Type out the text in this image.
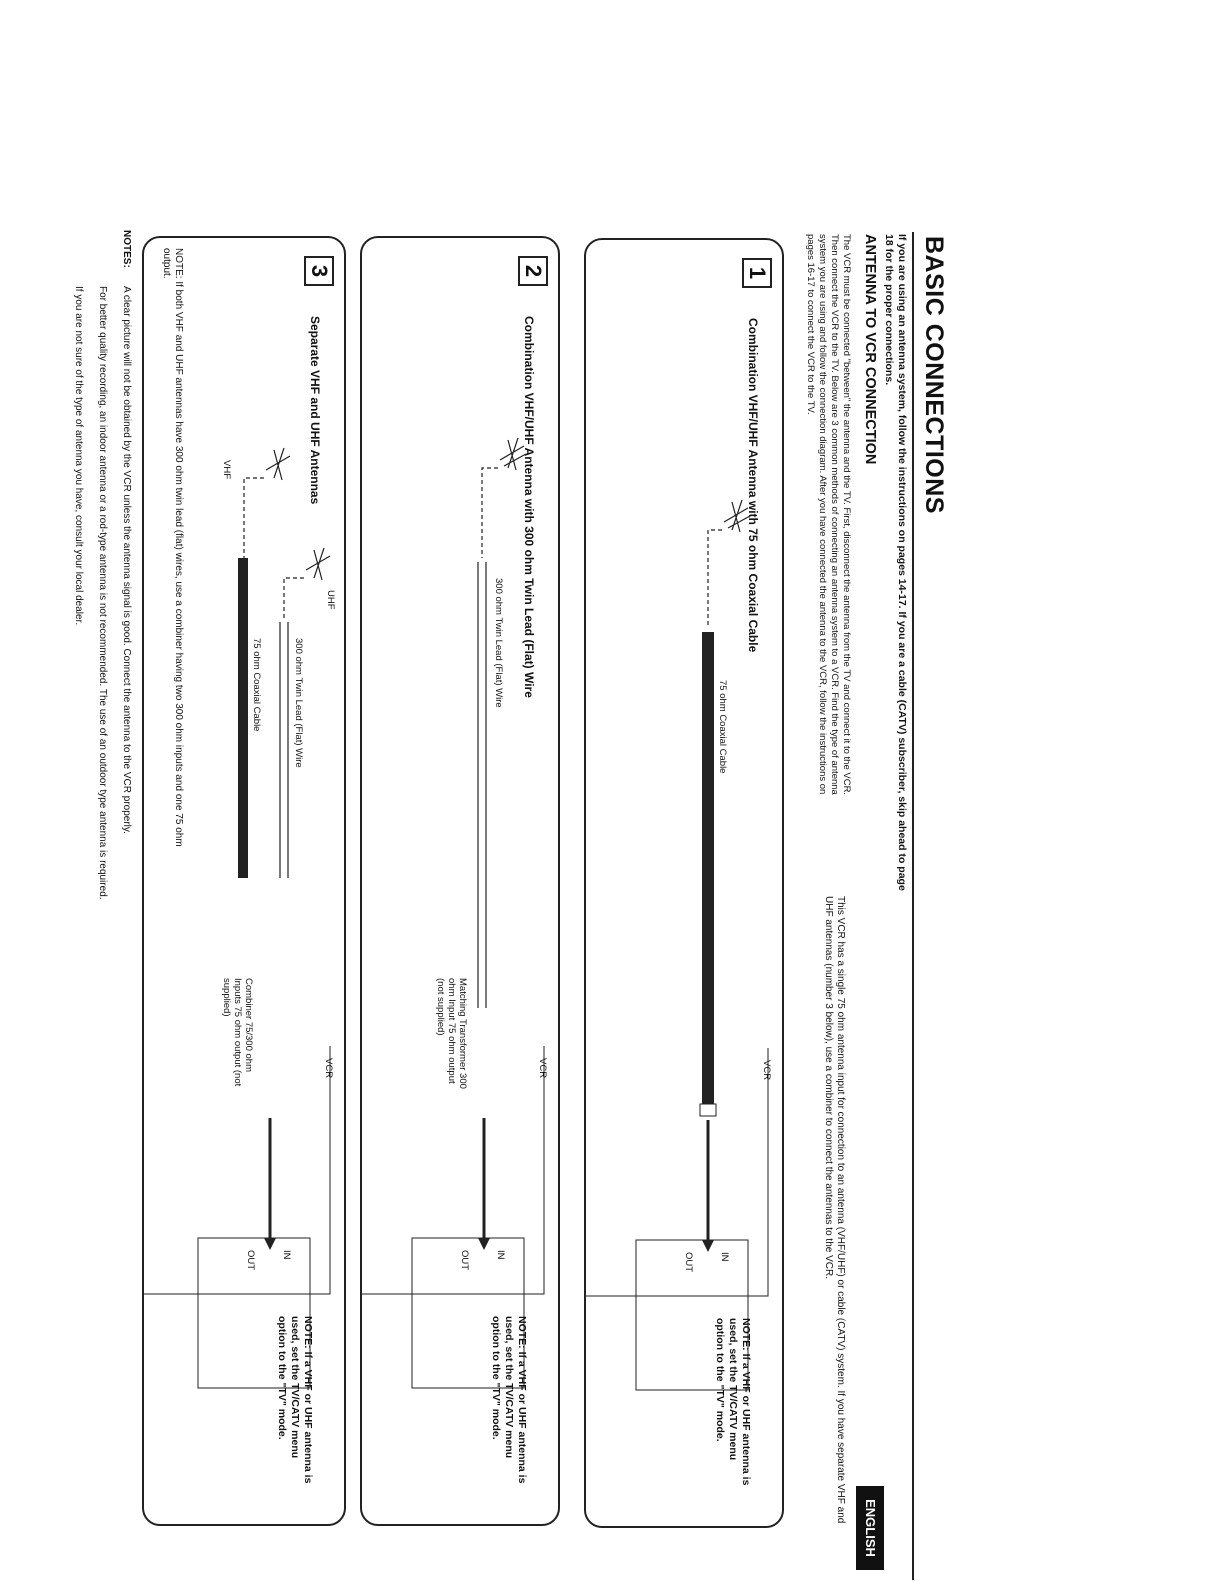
BASIC CONNECTIONS
If you are using an antenna system, follow the instructions on pages 14-17. If you are a cable (CATV) subscriber, skip ahead to page 18 for the proper connections.
ANTENNA TO VCR CONNECTION
The VCR must be connected "between" the antenna and the TV. First, disconnect the antenna from the TV and connect it to the VCR. Then connect the VCR to the TV. Below are 3 common methods of connecting an antenna system to a VCR. Find the type of antenna system you are using and follow the connection diagram. After you have connected the antenna to the VCR, follow the instructions on pages 16-17 to connect the VCR to the TV.
This VCR has a single 75 ohm antenna input for connection to an antenna (VHF/UHF) or cable (CATV) system. If you have separate VHF and UHF antennas (number 3 below), use a combiner to connect the antennas to the VCR.
1
Combination VHF/UHF Antenna with 75 ohm Coaxial Cable
75 ohm Coaxial Cable
VCR
IN
OUT
NOTE: If a VHF or UHF antenna is used, set the TV/CATV menu option to the "TV" mode.
2
Combination VHF/UHF Antenna with 300 ohm Twin Lead (Flat) Wire
300 ohm Twin Lead (Flat) Wire
Matching Transformer 300 ohm Input 75 ohm output (not supplied)
VCR
IN
OUT
NOTE: If a VHF or UHF antenna is used, set the TV/CATV menu option to the "TV" mode.
3
Separate VHF and UHF Antennas
VHF
UHF
300 ohm Twin Lead (Flat) Wire
75 ohm Coaxial Cable
Combiner 75/300 ohm Inputs 75 ohm output (not supplied)
VCR
IN
OUT
NOTE: If a VHF or UHF antenna is used, set the TV/CATV menu option to the "TV" mode.
NOTE: If both VHF and UHF antennas have 300 ohm twin lead (flat) wires, use a combiner having two 300 ohm inputs and one 75 ohm output.
NOTES:
A clear picture will not be obtained by the VCR unless the antenna signal is good. Connect the antenna to the VCR properly.
For better quality recording, an indoor antenna or a rod-type antenna is not recommended. The use of an outdoor type antenna is required.
If you are not sure of the type of antenna you have, consult your local dealer.
ENGLISH
